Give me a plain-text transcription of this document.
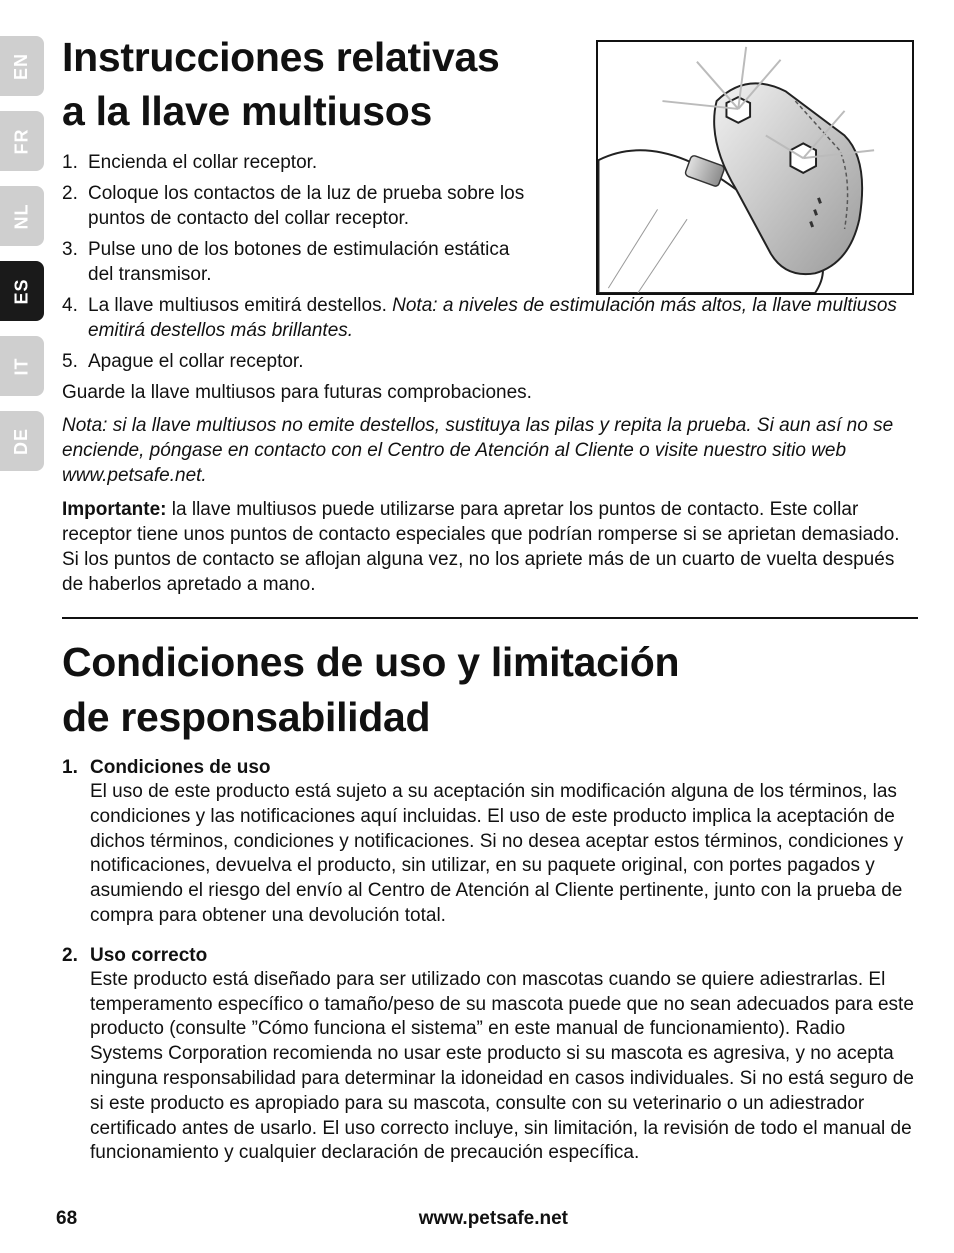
EN
FR
NL
ES
IT
DE
Instrucciones relativas
a la llave multiusos
1. Encienda el collar receptor.
2. Coloque los contactos de la luz de prueba sobre los puntos de contacto del collar receptor.
3. Pulse uno de los botones de estimulación estática del transmisor.
4. La llave multiusos emitirá destellos. Nota: a niveles de estimulación más altos, la llave multiusos emitirá destellos más brillantes.
5. Apague el collar receptor.

Guarde la llave multiusos para futuras comprobaciones.

Nota: si la llave multiusos no emite destellos, sustituya las pilas y repita la prueba. Si aun así no se enciende, póngase en contacto con el Centro de Atención al Cliente o visite nuestro sitio web www.petsafe.net.

Importante: la llave multiusos puede utilizarse para apretar los puntos de contacto. Este collar receptor tiene unos puntos de contacto especiales que podrían romperse si se aprietan demasiado. Si los puntos de contacto se aflojan alguna vez, no los apriete más de un cuarto de vuelta después de haberlos apretado a mano.

Condiciones de uso y limitación
de responsabilidad
1. Condiciones de uso
El uso de este producto está sujeto a su aceptación sin modificación alguna de los términos, las condiciones y las notificaciones aquí incluidas. El uso de este producto implica la aceptación de dichos términos, condiciones y notificaciones. Si no desea aceptar estos términos, condiciones y notificaciones, devuelva el producto, sin utilizar, en su paquete original, con portes pagados y asumiendo el riesgo del envío al Centro de Atención al Cliente pertinente, junto con la prueba de compra para obtener una devolución total.
2. Uso correcto
Este producto está diseñado para ser utilizado con mascotas cuando se quiere adiestrarlas. El temperamento específico o tamaño/peso de su mascota puede que no sean adecuados para este producto (consulte ”Cómo funciona el sistema” en este manual de funcionamiento). Radio Systems Corporation recomienda no usar este producto si su mascota es agresiva, y no acepta ninguna responsabilidad para determinar la idoneidad en casos individuales. Si no está seguro de si este producto es apropiado para su mascota, consulte con su veterinario o un adiestrador certificado antes de usarlo. El uso correcto incluye, sin limitación, la revisión de todo el manual de funcionamiento y cualquier declaración de precaución específica.
68	www.petsafe.net
